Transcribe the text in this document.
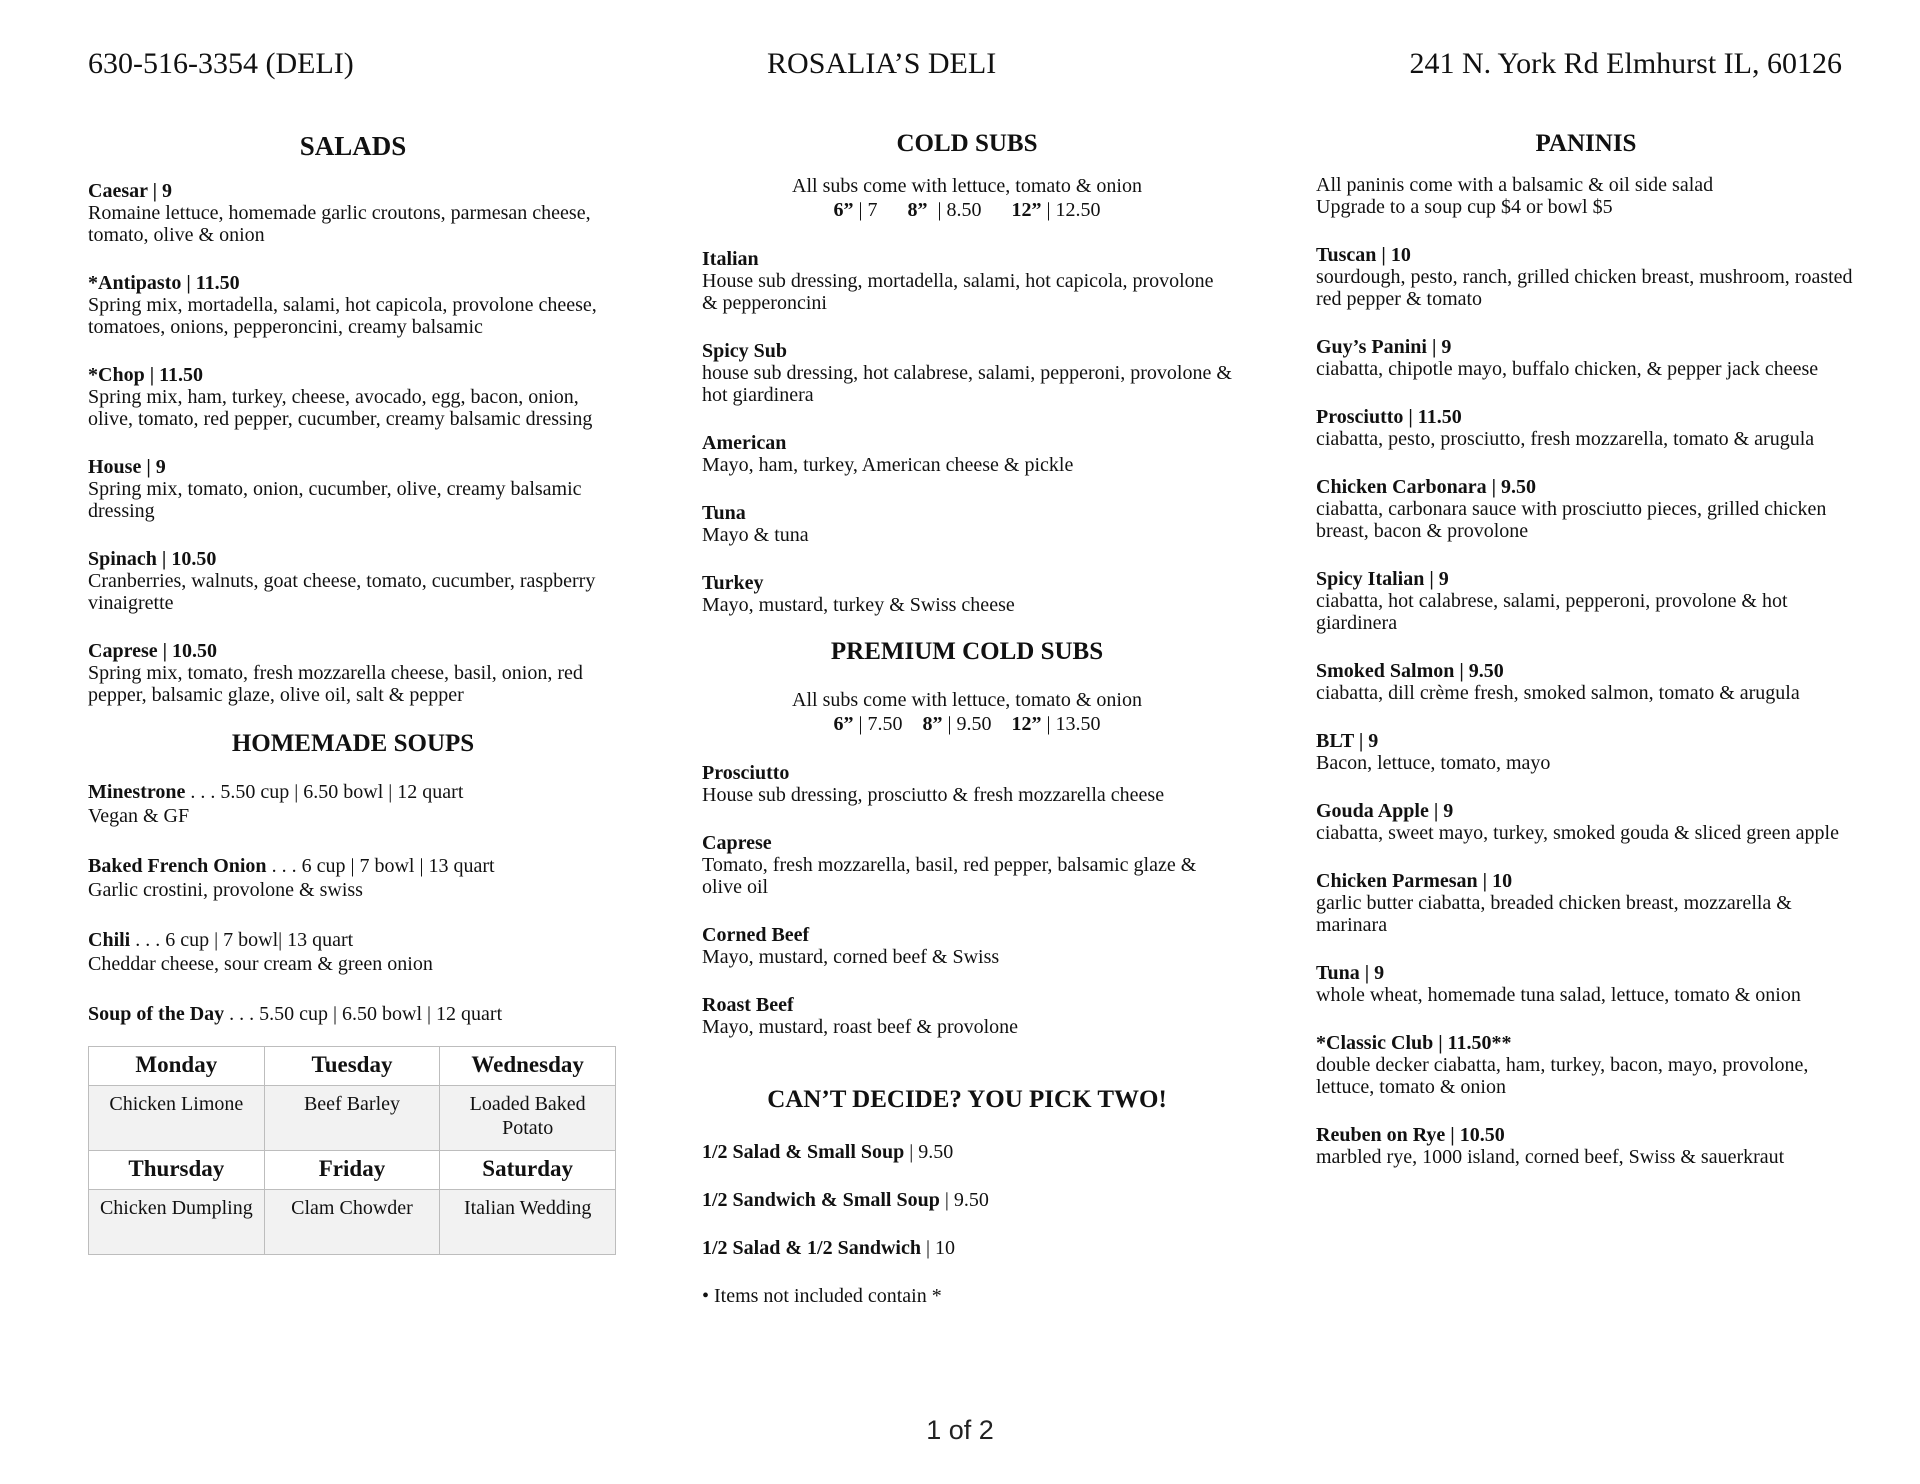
630-516-3354 (DELI)	ROSALIA’S DELI	241 N. York Rd Elmhurst IL, 60126
SALADS
Caesar | 9
Romaine lettuce, homemade garlic croutons, parmesan cheese, tomato, olive & onion
*Antipasto | 11.50
Spring mix, mortadella, salami, hot capicola, provolone cheese, tomatoes, onions, pepperoncini, creamy balsamic
*Chop | 11.50
Spring mix, ham, turkey, cheese, avocado, egg, bacon, onion, olive, tomato, red pepper, cucumber, creamy balsamic dressing
House | 9
Spring mix, tomato, onion, cucumber, olive, creamy balsamic dressing
Spinach | 10.50
Cranberries, walnuts, goat cheese, tomato, cucumber, raspberry vinaigrette
Caprese | 10.50
Spring mix, tomato, fresh mozzarella cheese, basil, onion, red pepper, balsamic glaze, olive oil, salt & pepper
HOMEMADE SOUPS
Minestrone . . . 5.50 cup | 6.50 bowl | 12 quart
Vegan & GF
Baked French Onion . . . 6 cup | 7 bowl | 13 quart
Garlic crostini, provolone & swiss
Chili . . . 6 cup | 7 bowl| 13 quart
Cheddar cheese, sour cream & green onion
Soup of the Day . . . 5.50 cup | 6.50 bowl | 12 quart
Monday	Tuesday	Wednesday
Chicken Limone	Beef Barley	Loaded Baked Potato
Thursday	Friday	Saturday
Chicken Dumpling	Clam Chowder	Italian Wedding
COLD SUBS
All subs come with lettuce, tomato & onion
6” | 7 8”  | 8.50 12” | 12.50
Italian
House sub dressing, mortadella, salami, hot capicola, provolone & pepperoncini
Spicy Sub
house sub dressing, hot calabrese, salami, pepperoni, provolone & hot giardinera
American
Mayo, ham, turkey, American cheese & pickle
Tuna
Mayo & tuna
Turkey
Mayo, mustard, turkey & Swiss cheese
PREMIUM COLD SUBS
All subs come with lettuce, tomato & onion
6” | 7.50 8” | 9.50 12” | 13.50
Prosciutto
House sub dressing, prosciutto & fresh mozzarella cheese
Caprese
Tomato, fresh mozzarella, basil, red pepper, balsamic glaze & olive oil
Corned Beef
Mayo, mustard, corned beef & Swiss
Roast Beef
Mayo, mustard, roast beef & provolone
CAN’T DECIDE? YOU PICK TWO!
1/2 Salad & Small Soup | 9.50
1/2 Sandwich & Small Soup | 9.50
1/2 Salad & 1/2 Sandwich | 10
• Items not included contain *
PANINIS
All paninis come with a balsamic & oil side salad
Upgrade to a soup cup $4 or bowl $5
Tuscan | 10
sourdough, pesto, ranch, grilled chicken breast, mushroom, roasted red pepper & tomato
Guy’s Panini | 9
ciabatta, chipotle mayo, buffalo chicken, & pepper jack cheese
Prosciutto | 11.50
ciabatta, pesto, prosciutto, fresh mozzarella, tomato & arugula
Chicken Carbonara | 9.50
ciabatta, carbonara sauce with prosciutto pieces, grilled chicken breast, bacon & provolone
Spicy Italian | 9
ciabatta, hot calabrese, salami, pepperoni, provolone & hot giardinera
Smoked Salmon | 9.50
ciabatta, dill crème fresh, smoked salmon, tomato & arugula
BLT | 9
Bacon, lettuce, tomato, mayo
Gouda Apple | 9
ciabatta, sweet mayo, turkey, smoked gouda & sliced green apple
Chicken Parmesan | 10
garlic butter ciabatta, breaded chicken breast, mozzarella & marinara
Tuna | 9
whole wheat, homemade tuna salad, lettuce, tomato & onion
*Classic Club | 11.50**
double decker ciabatta, ham, turkey, bacon, mayo, provolone, lettuce, tomato & onion
Reuben on Rye | 10.50
marbled rye, 1000 island, corned beef, Swiss & sauerkraut
1 of 2
